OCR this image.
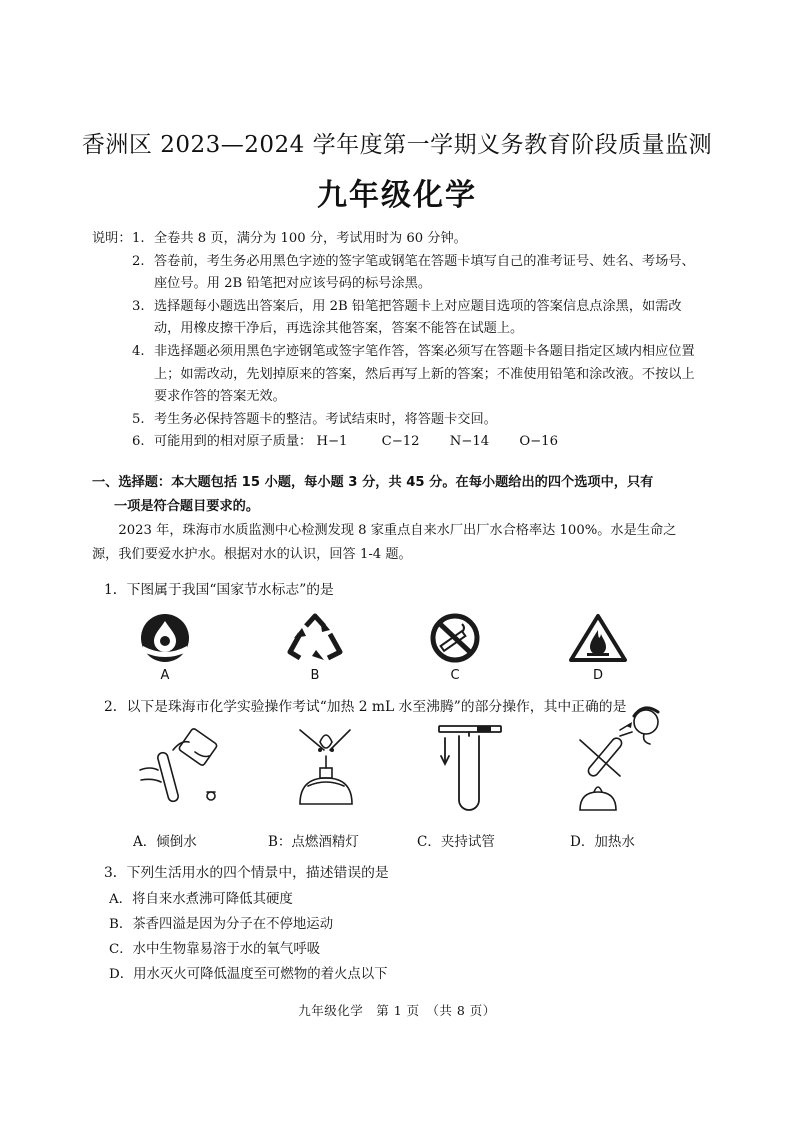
香洲区 2023—2024 学年度第一学期义务教育阶段质量监测
九年级化学
说明： 1. 全卷共 8 页，满分为 100 分，考试用时为 60 分钟。
2. 答卷前，考生务必用黑色字迹的签字笔或钢笔在答题卡填写自己的准考证号、姓名、考场号、座位号。用 2B 铅笔把对应该号码的标号涂黑。
3. 选择题每小题选出答案后，用 2B 铅笔把答题卡上对应题目选项的答案信息点涂黑，如需改动，用橡皮擦干净后，再选涂其他答案，答案不能答在试题上。
4. 非选择题必须用黑色字迹钢笔或签字笔作答，答案必须写在答题卡各题目指定区域内相应位置上；如需改动，先划掉原来的答案，然后再写上新的答案；不准使用铅笔和涂改液。不按以上要求作答的答案无效。
5. 考生务必保持答题卡的整洁。考试结束时，将答题卡交回。
6. 可能用到的相对原子质量： H−1	C−12 N−14 O−16
一、选择题：本大题包括 15 小题，每小题 3 分，共 45 分。在每小题给出的四个选项中，只有
一项是符合题目要求的。
2023 年，珠海市水质监测中心检测发现 8 家重点自来水厂出厂水合格率达 100%。水是生命之源，我们要爱水护水。根据对水的认识，回答 1-4 题。
1．下图属于我国“国家节水标志”的是
A	B	C	D
2．以下是珠海市化学实验操作考试“加热 2 mL 水至沸腾”的部分操作，其中正确的是
A．倾倒水	B：点燃酒精灯	C．夹持试管	D．加热水
3．下列生活用水的四个情景中，描述错误的是
A．将自来水煮沸可降低其硬度
B．茶香四溢是因为分子在不停地运动
C．水中生物靠易溶于水的氧气呼吸
D．用水灭火可降低温度至可燃物的着火点以下
九年级化学　第 1 页　（共 8 页）
